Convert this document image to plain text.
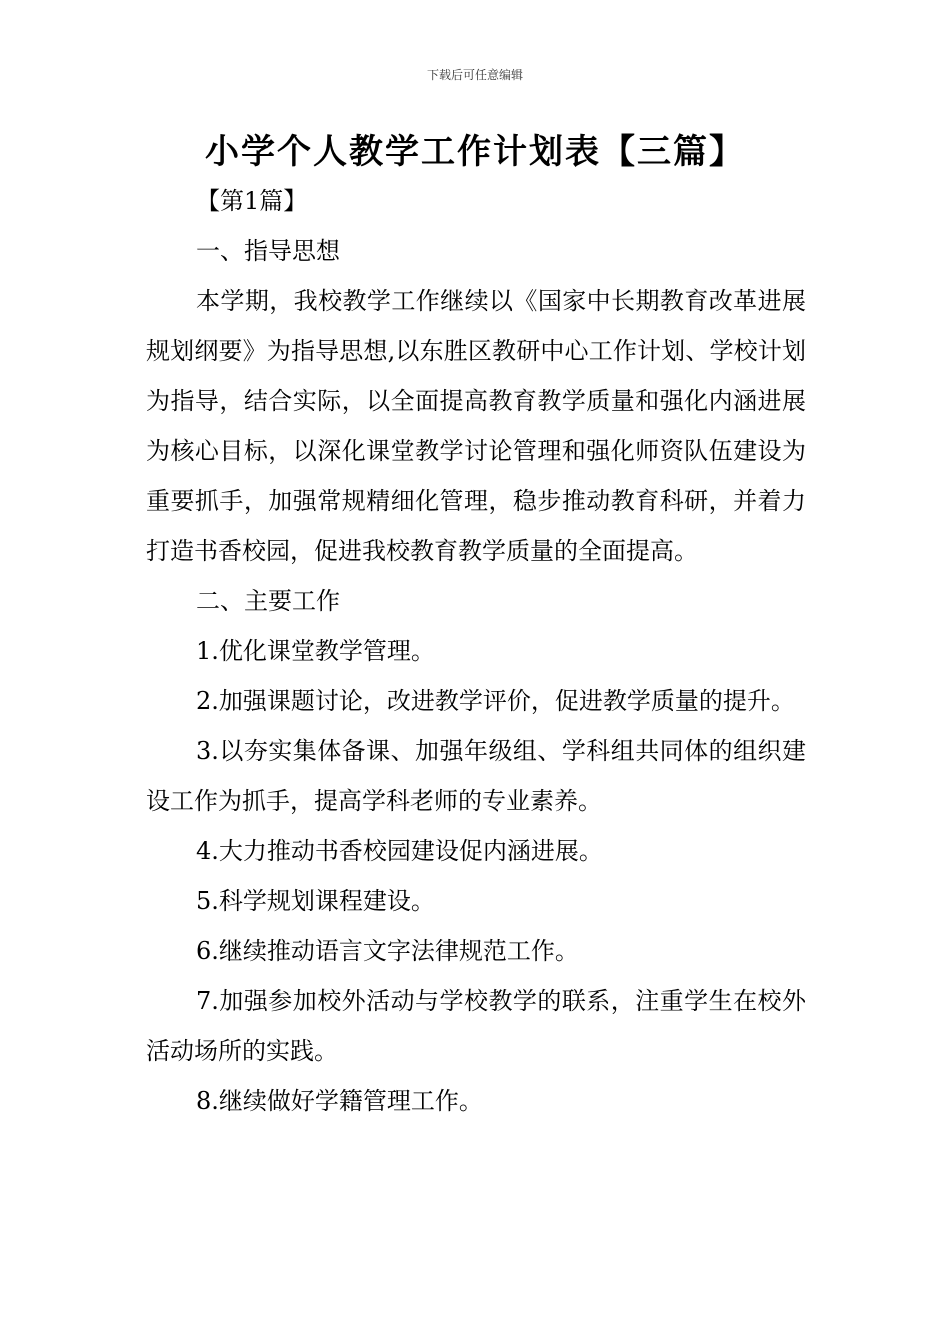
下载后可任意编辑
小学个人教学工作计划表【三篇】

【第1篇】

一、指导思想

本学期，我校教学工作继续以《国家中长期教育改革进展规划纲要》为指导思想,以东胜区教研中心工作计划、学校计划为指导，结合实际，以全面提高教育教学质量和强化内涵进展为核心目标，以深化课堂教学讨论管理和强化师资队伍建设为重要抓手，加强常规精细化管理，稳步推动教育科研，并着力打造书香校园，促进我校教育教学质量的全面提高。

二、主要工作

1.优化课堂教学管理。

2.加强课题讨论，改进教学评价，促进教学质量的提升。

3.以夯实集体备课、加强年级组、学科组共同体的组织建设工作为抓手，提高学科老师的专业素养。

4.大力推动书香校园建设促内涵进展。

5.科学规划课程建设。

6.继续推动语言文字法律规范工作。

7.加强参加校外活动与学校教学的联系，注重学生在校外活动场所的实践。

8.继续做好学籍管理工作。
